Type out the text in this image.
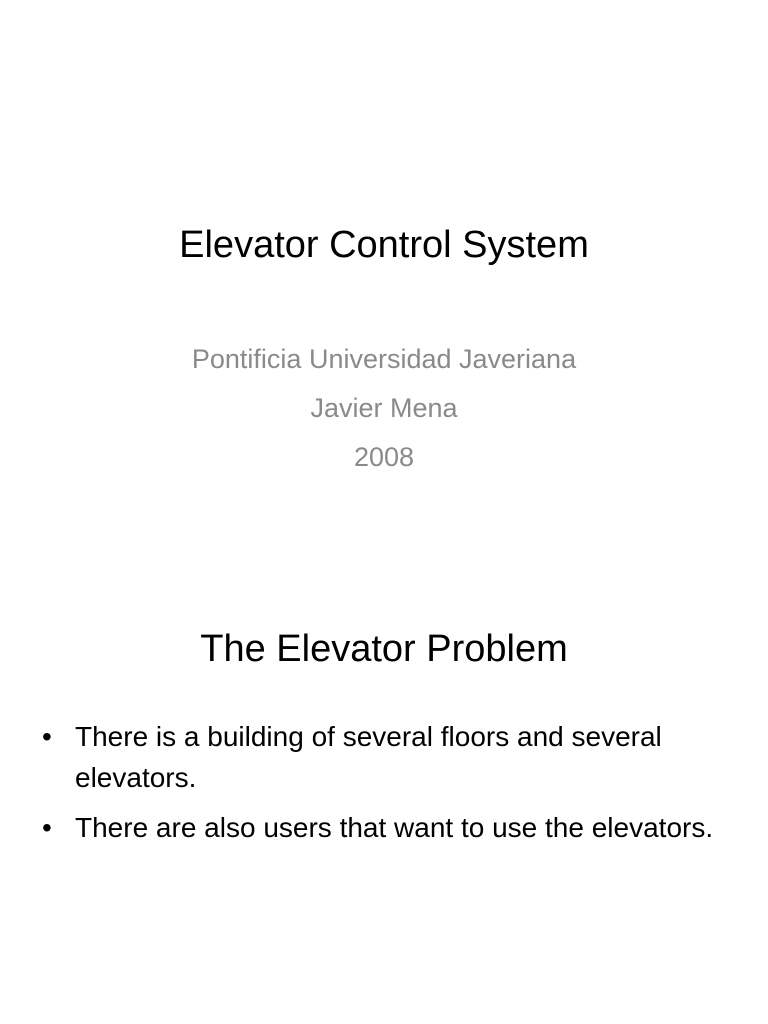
Elevator Control System
Pontificia Universidad Javeriana
Javier Mena
2008
The Elevator Problem
• There is a building of several floors and several elevators.
• There are also users that want to use the elevators.
